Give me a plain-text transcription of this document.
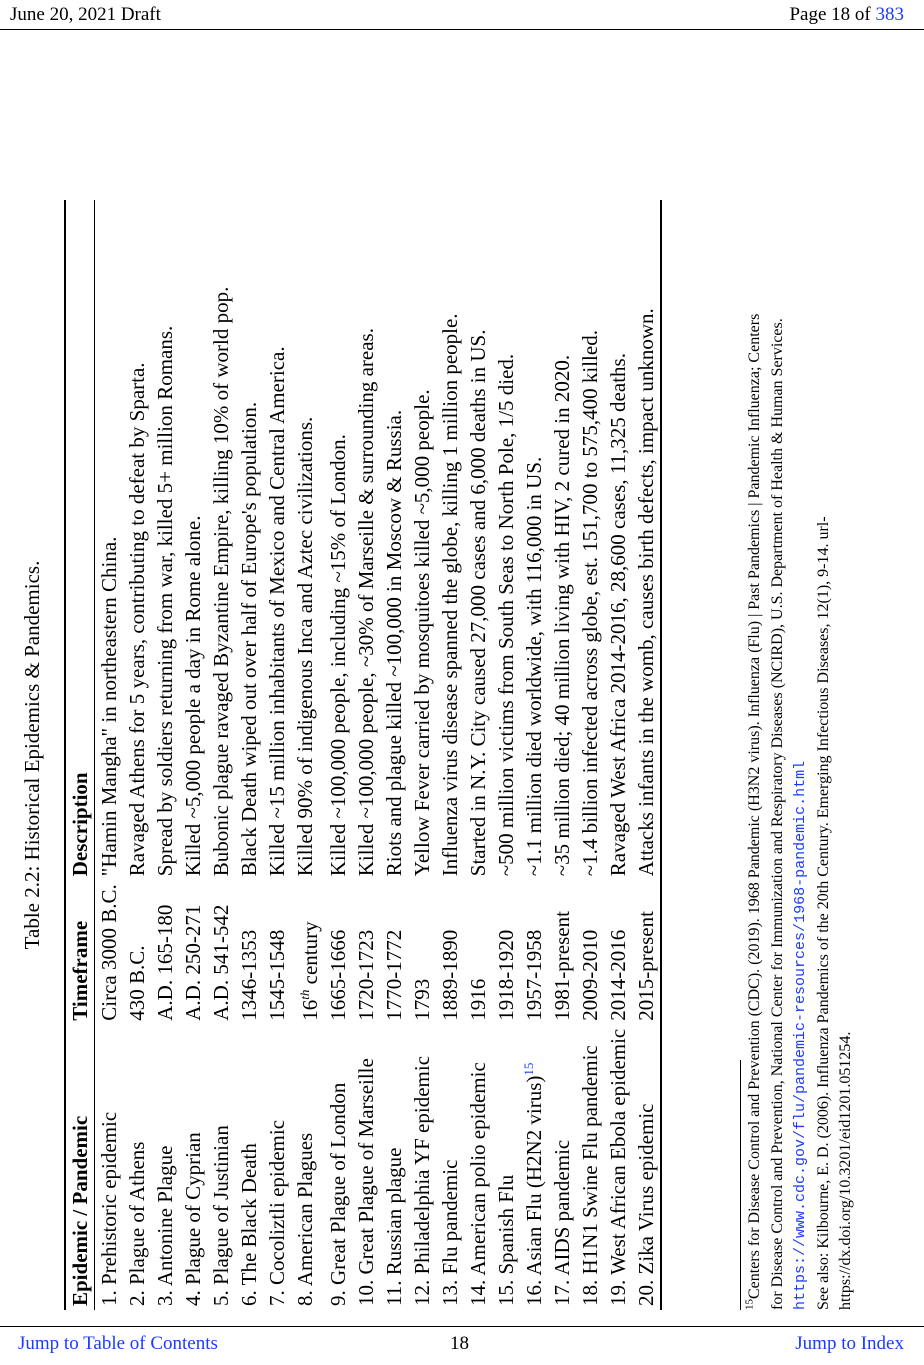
June 20, 2021 Draft	Page 18 of 383
Table 2.2: Historical Epidemics & Pandemics.
Epidemic / Pandemic	Timeframe	Description
1. Prehistoric epidemic	Circa 3000 B.C.	"Hamin Mangha" in northeastern China.
2. Plague of Athens	430 B.C.	Ravaged Athens for 5 years, contributing to defeat by Sparta.
3. Antonine Plague	A.D. 165-180	Spread by soldiers returning from war, killed 5+ million Romans.
4. Plague of Cyprian	A.D. 250-271	Killed ~5,000 people a day in Rome alone.
5. Plague of Justinian	A.D. 541-542	Bubonic plague ravaged Byzantine Empire, killing 10% of world pop.
6. The Black Death	1346-1353	Black Death wiped out over half of Europe's population.
7. Cocoliztli epidemic	1545-1548	Killed ~15 million inhabitants of Mexico and Central America.
8. American Plagues	16th century	Killed 90% of indigenous Inca and Aztec civilizations.
9. Great Plague of London	1665-1666	Killed ~100,000 people, including ~15% of London.
10. Great Plague of Marseille	1720-1723	Killed ~100,000 people, ~30% of Marseille & surrounding areas.
11. Russian plague	1770-1772	Riots and plague killed ~100,000 in Moscow & Russia.
12. Philadelphia YF epidemic	1793	Yellow Fever carried by mosquitoes killed ~5,000 people.
13. Flu pandemic	1889-1890	Influenza virus disease spanned the globe, killing 1 million people.
14. American polio epidemic	1916	Started in N.Y. City caused 27,000 cases and 6,000 deaths in US.
15. Spanish Flu	1918-1920	~500 million victims from South Seas to North Pole, 1/5 died.
16. Asian Flu (H2N2 virus)$^{15}$	1957-1958	~1.1 million died worldwide, with 116,000 in US.
17. AIDS pandemic	1981-present	~35 million died; 40 million living with HIV, 2 cured in 2020.
18. H1N1 Swine Flu pandemic	2009-2010	~1.4 billion infected across globe, est. 151,700 to 575,400 killed.
19. West African Ebola epidemic	2014-2016	Ravaged West Africa 2014-2016, 28,600 cases, 11,325 deaths.
20. Zika Virus epidemic	2015-present	Attacks infants in the womb, causes birth defects, impact unknown.
$^{15}$Centers for Disease Control and Prevention (CDC). (2019). 1968 Pandemic (H3N2 virus). Influenza (Flu) | Past Pandemics | Pandemic Influenza; Centers for Disease Control and Prevention, National Center for Immunization and Respiratory Diseases (NCIRD), U.S. Department of Health & Human Services. https://www.cdc.gov/flu/pandemic-resources/1968-pandemic.html See also: Kilbourne, E. D. (2006). Influenza Pandemics of the 20th Century. Emerging Infectious Diseases, 12(1), 9-14. url- https://dx.doi.org/10.3201/eid1201.051254.
Jump to Table of Contents	18	Jump to Index
